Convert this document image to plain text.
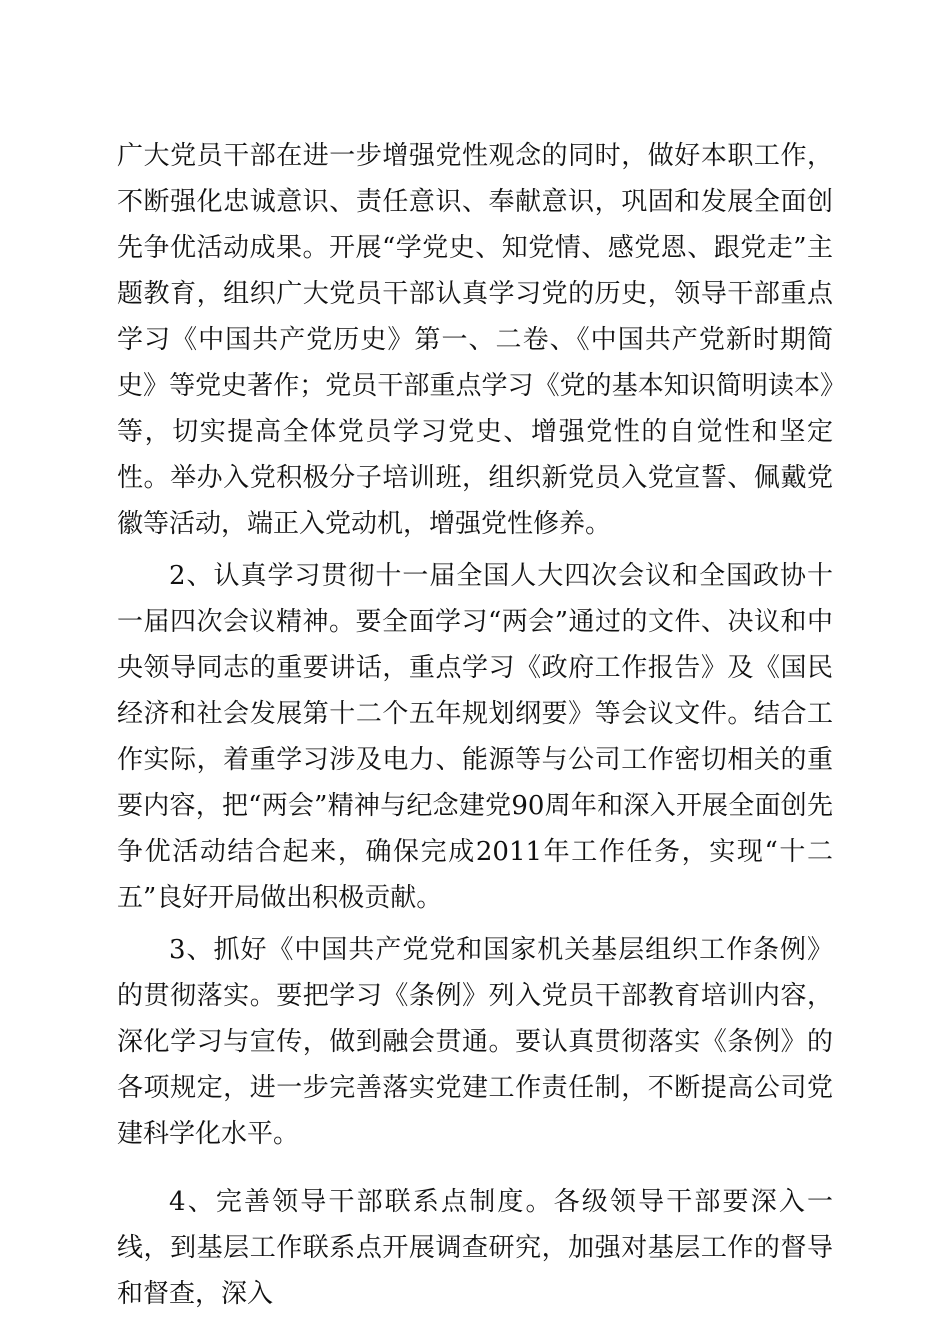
广大党员干部在进一步增强党性观念的同时，做好本职工作，不断强化忠诚意识、责任意识、奉献意识，巩固和发展全面创先争优活动成果。开展“学党史、知党情、感党恩、跟党走”主题教育，组织广大党员干部认真学习党的历史，领导干部重点学习《中国共产党历史》第一、二卷、《中国共产党新时期简史》等党史著作；党员干部重点学习《党的基本知识简明读本》等，切实提高全体党员学习党史、增强党性的自觉性和坚定性。举办入党积极分子培训班，组织新党员入党宣誓、佩戴党徽等活动，端正入党动机，增强党性修养。

2、认真学习贯彻十一届全国人大四次会议和全国政协十一届四次会议精神。要全面学习“两会”通过的文件、决议和中央领导同志的重要讲话，重点学习《政府工作报告》及《国民经济和社会发展第十二个五年规划纲要》等会议文件。结合工作实际，着重学习涉及电力、能源等与公司工作密切相关的重要内容，把“两会”精神与纪念建党90周年和深入开展全面创先争优活动结合起来，确保完成2011年工作任务，实现“十二五”良好开局做出积极贡献。

3、抓好《中国共产党党和国家机关基层组织工作条例》的贯彻落实。要把学习《条例》列入党员干部教育培训内容，深化学习与宣传，做到融会贯通。要认真贯彻落实《条例》的各项规定，进一步完善落实党建工作责任制，不断提高公司党建科学化水平。

4、完善领导干部联系点制度。各级领导干部要深入一线，到基层工作联系点开展调查研究，加强对基层工作的督导和督查，深入
